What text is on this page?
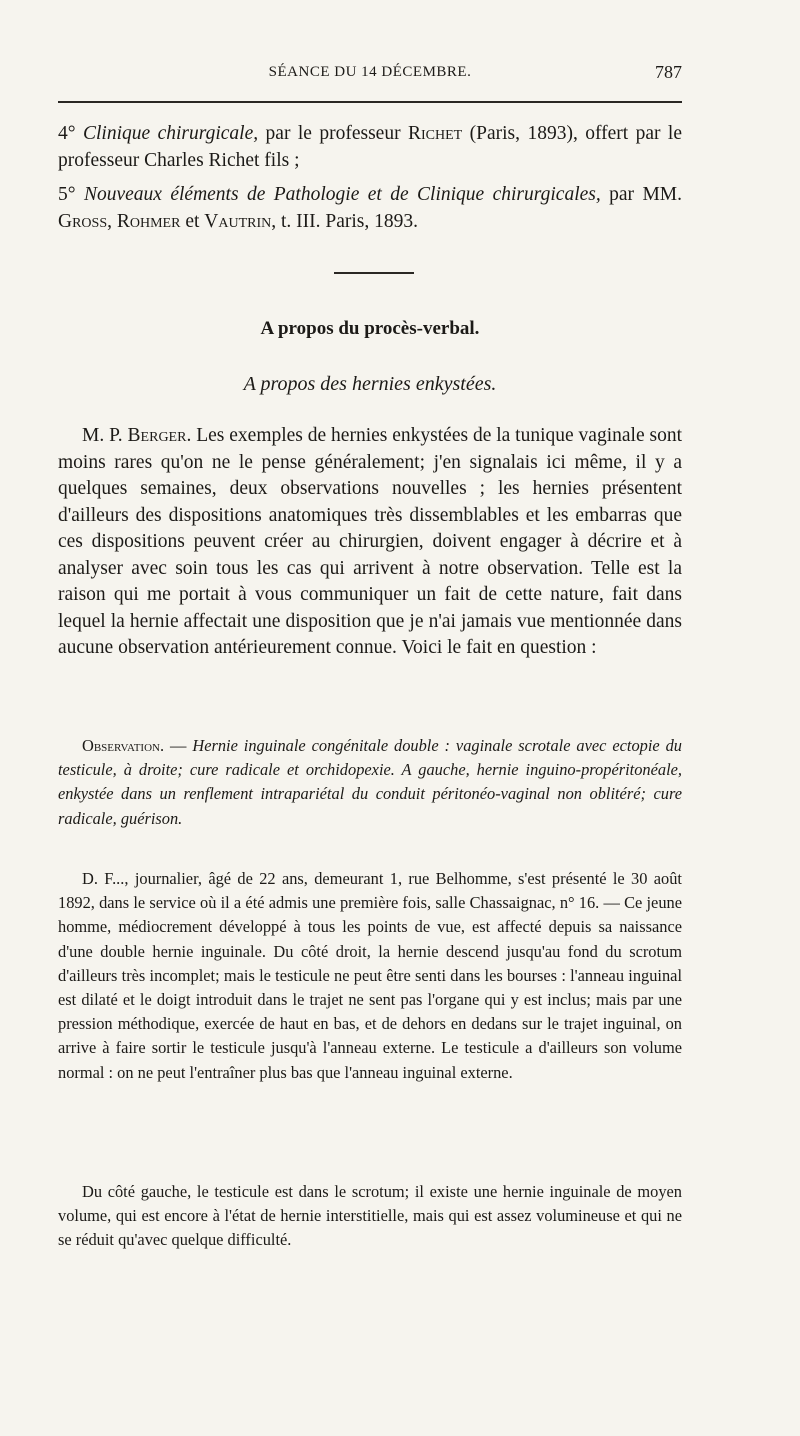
SÉANCE DU 14 DÉCEMBRE.	787
4° Clinique chirurgicale, par le professeur Richet (Paris, 1893), offert par le professeur Charles Richet fils ;
5° Nouveaux éléments de Pathologie et de Clinique chirurgicales, par MM. Gross, Rohmer et Vautrin, t. III. Paris, 1893.
A propos du procès-verbal.
A propos des hernies enkystées.
M. P. Berger. Les exemples de hernies enkystées de la tunique vaginale sont moins rares qu'on ne le pense généralement; j'en signalais ici même, il y a quelques semaines, deux observations nouvelles ; les hernies présentent d'ailleurs des dispositions anatomiques très dissemblables et les embarras que ces dispositions peuvent créer au chirurgien, doivent engager à décrire et à analyser avec soin tous les cas qui arrivent à notre observation. Telle est la raison qui me portait à vous communiquer un fait de cette nature, fait dans lequel la hernie affectait une disposition que je n'ai jamais vue mentionnée dans aucune observation antérieurement connue. Voici le fait en question :
Observation. — Hernie inguinale congénitale double : vaginale scrotale avec ectopie du testicule, à droite; cure radicale et orchidopexie. A gauche, hernie inguino-propéritonéale, enkystée dans un renflement intrapariétal du conduit péritonéo-vaginal non oblitéré; cure radicale, guérison.
D. F..., journalier, âgé de 22 ans, demeurant 1, rue Belhomme, s'est présenté le 30 août 1892, dans le service où il a été admis une première fois, salle Chassaignac, n° 16. — Ce jeune homme, médiocrement développé à tous les points de vue, est affecté depuis sa naissance d'une double hernie inguinale. Du côté droit, la hernie descend jusqu'au fond du scrotum d'ailleurs très incomplet; mais le testicule ne peut être senti dans les bourses : l'anneau inguinal est dilaté et le doigt introduit dans le trajet ne sent pas l'organe qui y est inclus; mais par une pression méthodique, exercée de haut en bas, et de dehors en dedans sur le trajet inguinal, on arrive à faire sortir le testicule jusqu'à l'anneau externe. Le testicule a d'ailleurs son volume normal : on ne peut l'entraîner plus bas que l'anneau inguinal externe.
Du côté gauche, le testicule est dans le scrotum; il existe une hernie inguinale de moyen volume, qui est encore à l'état de hernie interstitielle, mais qui est assez volumineuse et qui ne se réduit qu'avec quelque difficulté.
